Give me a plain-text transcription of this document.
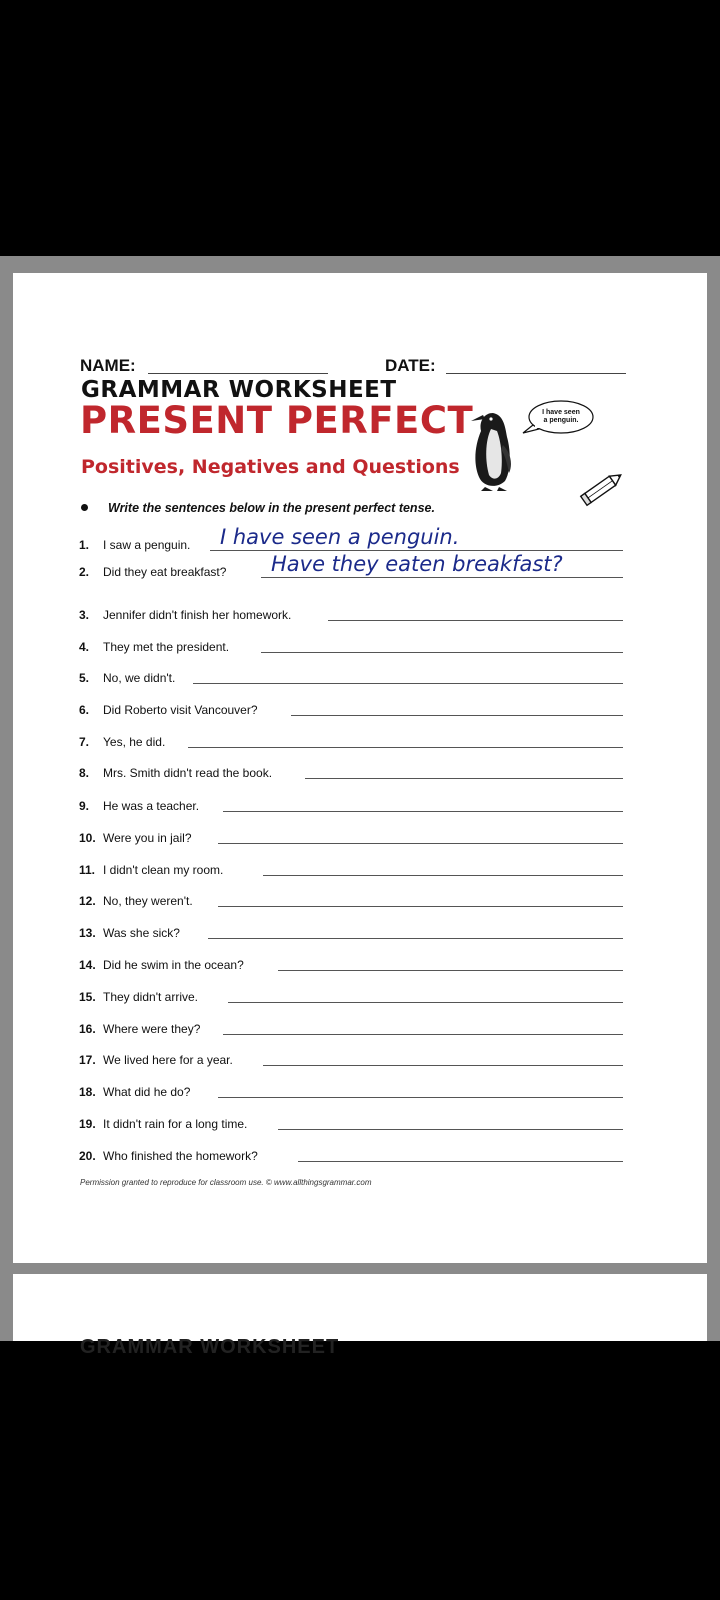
NAME:	DATE:
GRAMMAR WORKSHEET
PRESENT PERFECT
Positives, Negatives and Questions
I have seen
a penguin.
Write the sentences below in the present perfect tense.
1. I saw a penguin. I have seen a penguin.
2. Did they eat breakfast? Have they eaten breakfast?
3. Jennifer didn't finish her homework.
4. They met the president.
5. No, we didn't.
6. Did Roberto visit Vancouver?
7. Yes, he did.
8. Mrs. Smith didn't read the book.
9. He was a teacher.
10. Were you in jail?
11. I didn't clean my room.
12. No, they weren't.
13. Was she sick?
14. Did he swim in the ocean?
15. They didn't arrive.
16. Where were they?
17. We lived here for a year.
18. What did he do?
19. It didn't rain for a long time.
20. Who finished the homework?
Permission granted to reproduce for classroom use. © www.allthingsgrammar.com
GRAMMAR WORKSHEET
